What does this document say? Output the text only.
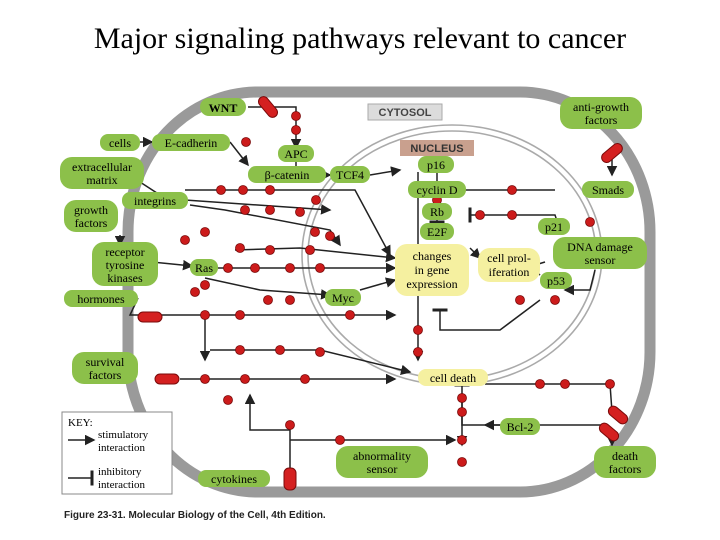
Major signaling pathways relevant to cancer
CYTOSOL
NUCLEUS
WNT
cells	E-cadherin
APC
β-catenin TCF4
extracellular
matrix
integrins
growth
factors
receptor
tyrosine
kinases
Ras
hormones
survival
factors
Myc
p16
cyclin D
Rb
E2F
anti-growth
factors
Smads
p21
DNA damage
sensor
p53
Bcl-2
abnormality
sensor
cytokines
death
factors
changes
in gene
expression
cell prol-
iferation
cell death
KEY:
stimulatory
interaction
inhibitory
interaction
Figure 23-31. Molecular Biology of the Cell, 4th Edition.
